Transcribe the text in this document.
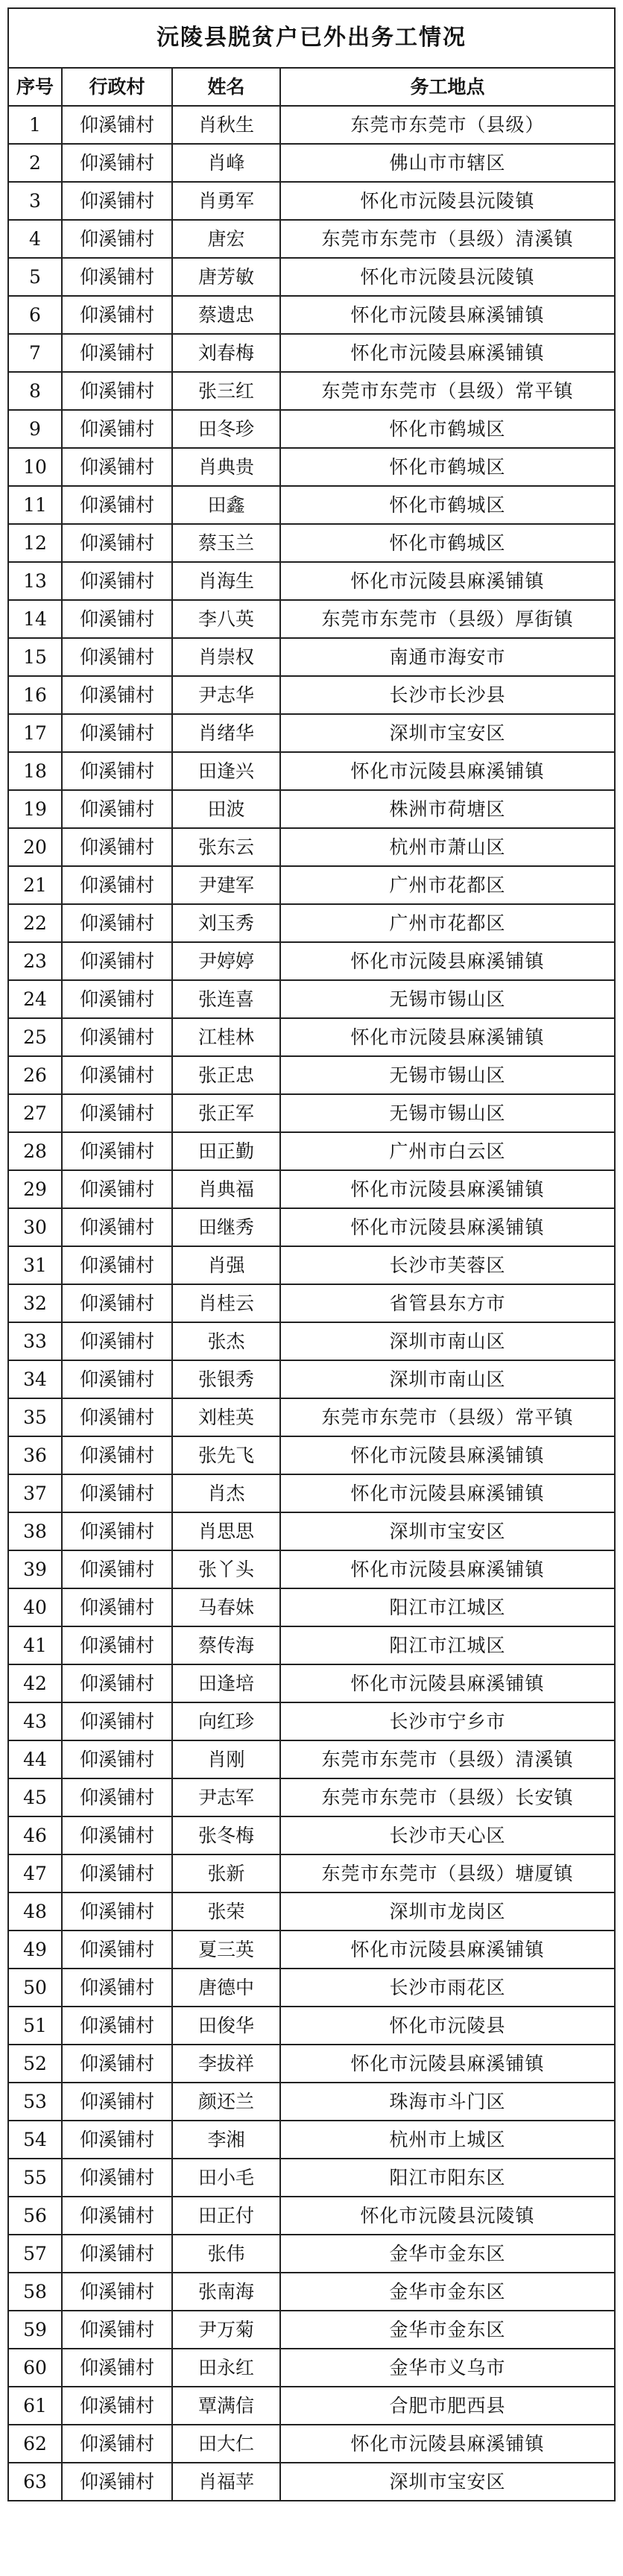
沅陵县脱贫户已外出务工情况			
序号	行政村	姓名	务工地点
1	仰溪铺村	肖秋生	东莞市东莞市（县级）
2	仰溪铺村	肖峰	佛山市市辖区
3	仰溪铺村	肖勇军	怀化市沅陵县沅陵镇
4	仰溪铺村	唐宏	东莞市东莞市（县级）清溪镇
5	仰溪铺村	唐芳敏	怀化市沅陵县沅陵镇
6	仰溪铺村	蔡遗忠	怀化市沅陵县麻溪铺镇
7	仰溪铺村	刘春梅	怀化市沅陵县麻溪铺镇
8	仰溪铺村	张三红	东莞市东莞市（县级）常平镇
9	仰溪铺村	田冬珍	怀化市鹤城区
10	仰溪铺村	肖典贵	怀化市鹤城区
11	仰溪铺村	田鑫	怀化市鹤城区
12	仰溪铺村	蔡玉兰	怀化市鹤城区
13	仰溪铺村	肖海生	怀化市沅陵县麻溪铺镇
14	仰溪铺村	李八英	东莞市东莞市（县级）厚街镇
15	仰溪铺村	肖崇权	南通市海安市
16	仰溪铺村	尹志华	长沙市长沙县
17	仰溪铺村	肖绪华	深圳市宝安区
18	仰溪铺村	田逢兴	怀化市沅陵县麻溪铺镇
19	仰溪铺村	田波	株洲市荷塘区
20	仰溪铺村	张东云	杭州市萧山区
21	仰溪铺村	尹建军	广州市花都区
22	仰溪铺村	刘玉秀	广州市花都区
23	仰溪铺村	尹婷婷	怀化市沅陵县麻溪铺镇
24	仰溪铺村	张连喜	无锡市锡山区
25	仰溪铺村	江桂林	怀化市沅陵县麻溪铺镇
26	仰溪铺村	张正忠	无锡市锡山区
27	仰溪铺村	张正军	无锡市锡山区
28	仰溪铺村	田正勤	广州市白云区
29	仰溪铺村	肖典福	怀化市沅陵县麻溪铺镇
30	仰溪铺村	田继秀	怀化市沅陵县麻溪铺镇
31	仰溪铺村	肖强	长沙市芙蓉区
32	仰溪铺村	肖桂云	省管县东方市
33	仰溪铺村	张杰	深圳市南山区
34	仰溪铺村	张银秀	深圳市南山区
35	仰溪铺村	刘桂英	东莞市东莞市（县级）常平镇
36	仰溪铺村	张先飞	怀化市沅陵县麻溪铺镇
37	仰溪铺村	肖杰	怀化市沅陵县麻溪铺镇
38	仰溪铺村	肖思思	深圳市宝安区
39	仰溪铺村	张丫头	怀化市沅陵县麻溪铺镇
40	仰溪铺村	马春妹	阳江市江城区
41	仰溪铺村	蔡传海	阳江市江城区
42	仰溪铺村	田逢培	怀化市沅陵县麻溪铺镇
43	仰溪铺村	向红珍	长沙市宁乡市
44	仰溪铺村	肖刚	东莞市东莞市（县级）清溪镇
45	仰溪铺村	尹志军	东莞市东莞市（县级）长安镇
46	仰溪铺村	张冬梅	长沙市天心区
47	仰溪铺村	张新	东莞市东莞市（县级）塘厦镇
48	仰溪铺村	张荣	深圳市龙岗区
49	仰溪铺村	夏三英	怀化市沅陵县麻溪铺镇
50	仰溪铺村	唐德中	长沙市雨花区
51	仰溪铺村	田俊华	怀化市沅陵县
52	仰溪铺村	李拔祥	怀化市沅陵县麻溪铺镇
53	仰溪铺村	颜还兰	珠海市斗门区
54	仰溪铺村	李湘	杭州市上城区
55	仰溪铺村	田小毛	阳江市阳东区
56	仰溪铺村	田正付	怀化市沅陵县沅陵镇
57	仰溪铺村	张伟	金华市金东区
58	仰溪铺村	张南海	金华市金东区
59	仰溪铺村	尹万菊	金华市金东区
60	仰溪铺村	田永红	金华市义乌市
61	仰溪铺村	覃满信	合肥市肥西县
62	仰溪铺村	田大仁	怀化市沅陵县麻溪铺镇
63	仰溪铺村	肖福苹	深圳市宝安区
